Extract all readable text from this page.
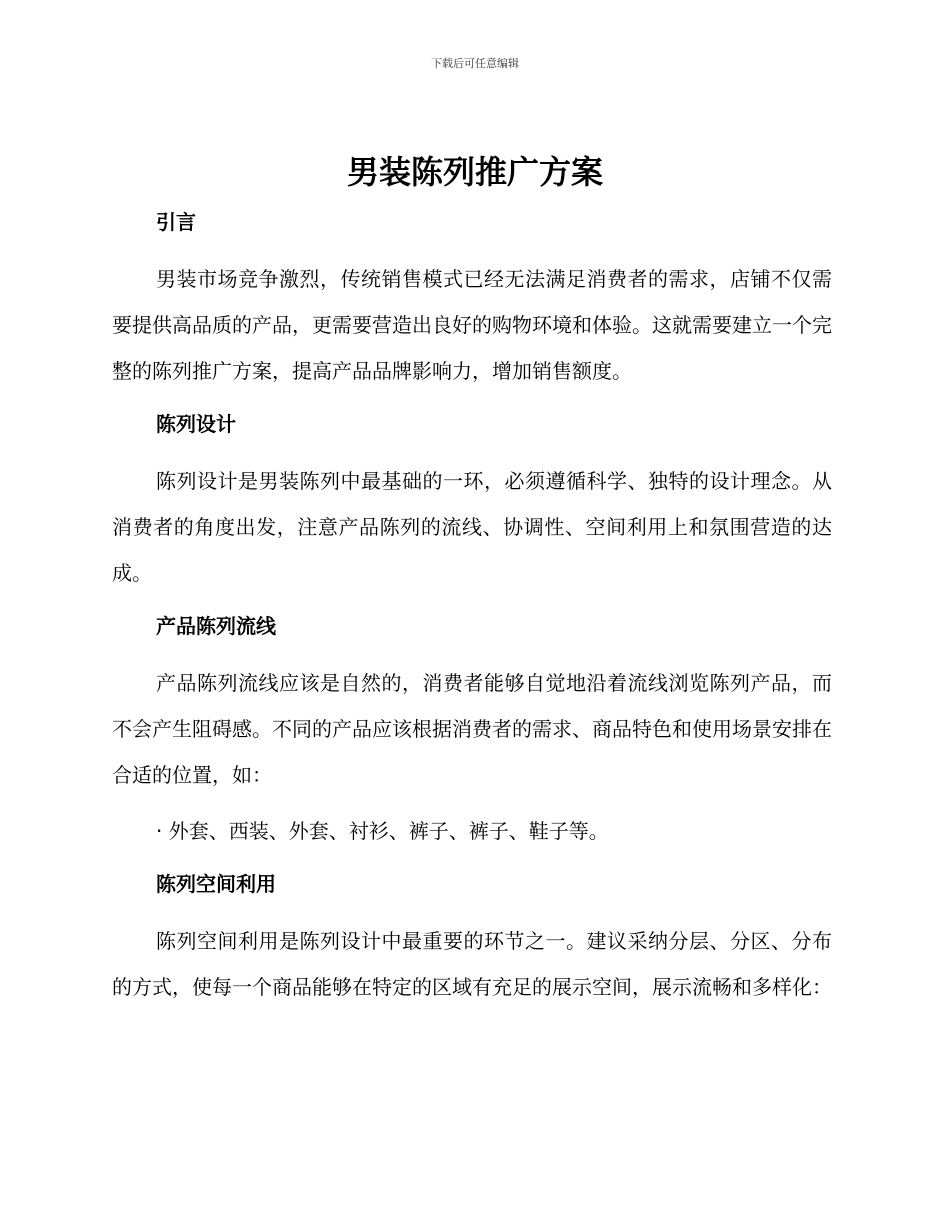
下载后可任意编辑
男装陈列推广方案
引言

男装市场竞争激烈，传统销售模式已经无法满足消费者的需求，店铺不仅需要提供高品质的产品，更需要营造出良好的购物环境和体验。这就需要建立一个完整的陈列推广方案，提高产品品牌影响力，增加销售额度。

陈列设计

陈列设计是男装陈列中最基础的一环，必须遵循科学、独特的设计理念。从消费者的角度出发，注意产品陈列的流线、协调性、空间利用上和氛围营造的达成。

产品陈列流线

产品陈列流线应该是自然的，消费者能够自觉地沿着流线浏览陈列产品，而不会产生阻碍感。不同的产品应该根据消费者的需求、商品特色和使用场景安排在合适的位置，如：

· 外套、西装、外套、衬衫、裤子、裤子、鞋子等。

陈列空间利用

陈列空间利用是陈列设计中最重要的环节之一。建议采纳分层、分区、分布的方式，使每一个商品能够在特定的区域有充足的展示空间，展示流畅和多样化：
